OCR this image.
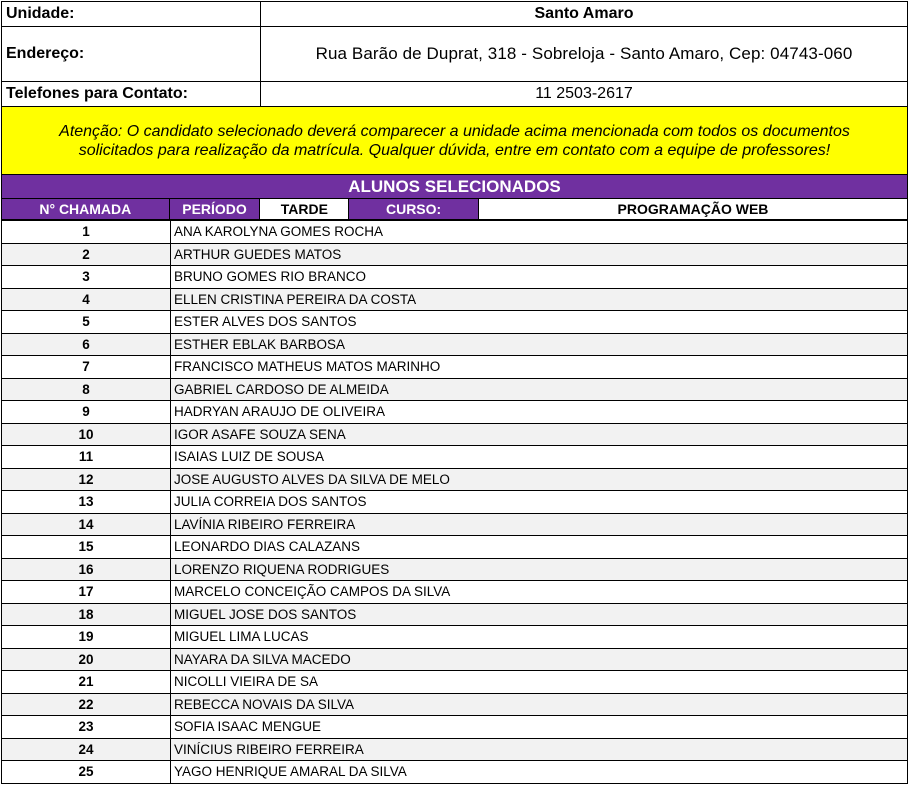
Unidade:	Santo Amaro
Endereço:	Rua Barão de Duprat, 318 - Sobreloja - Santo Amaro, Cep: 04743-060
Telefones para Contato:	11 2503-2617
Atenção: O candidato selecionado deverá comparecer a unidade acima mencionada com todos os documentos
solicitados para realização da matrícula. Qualquer dúvida, entre em contato com a equipe de professores!
ALUNOS SELECIONADOS
N° CHAMADA	PERÍODO	TARDE	CURSO:	PROGRAMAÇÃO WEB
1	ANA KAROLYNA GOMES ROCHA
2	ARTHUR GUEDES MATOS
3	BRUNO GOMES RIO BRANCO
4	ELLEN CRISTINA PEREIRA DA COSTA
5	ESTER ALVES DOS SANTOS
6	ESTHER EBLAK BARBOSA
7	FRANCISCO MATHEUS MATOS MARINHO
8	GABRIEL CARDOSO DE ALMEIDA
9	HADRYAN ARAUJO DE OLIVEIRA
10	IGOR ASAFE SOUZA SENA
11	ISAIAS LUIZ DE SOUSA
12	JOSE AUGUSTO ALVES DA SILVA DE MELO
13	JULIA CORREIA DOS SANTOS
14	LAVÍNIA RIBEIRO FERREIRA
15	LEONARDO DIAS CALAZANS
16	LORENZO RIQUENA RODRIGUES
17	MARCELO CONCEIÇÃO CAMPOS DA SILVA
18	MIGUEL JOSE DOS SANTOS
19	MIGUEL LIMA LUCAS
20	NAYARA DA SILVA MACEDO
21	NICOLLI VIEIRA DE SA
22	REBECCA NOVAIS DA SILVA
23	SOFIA ISAAC MENGUE
24	VINÍCIUS RIBEIRO FERREIRA
25	YAGO HENRIQUE AMARAL DA SILVA
